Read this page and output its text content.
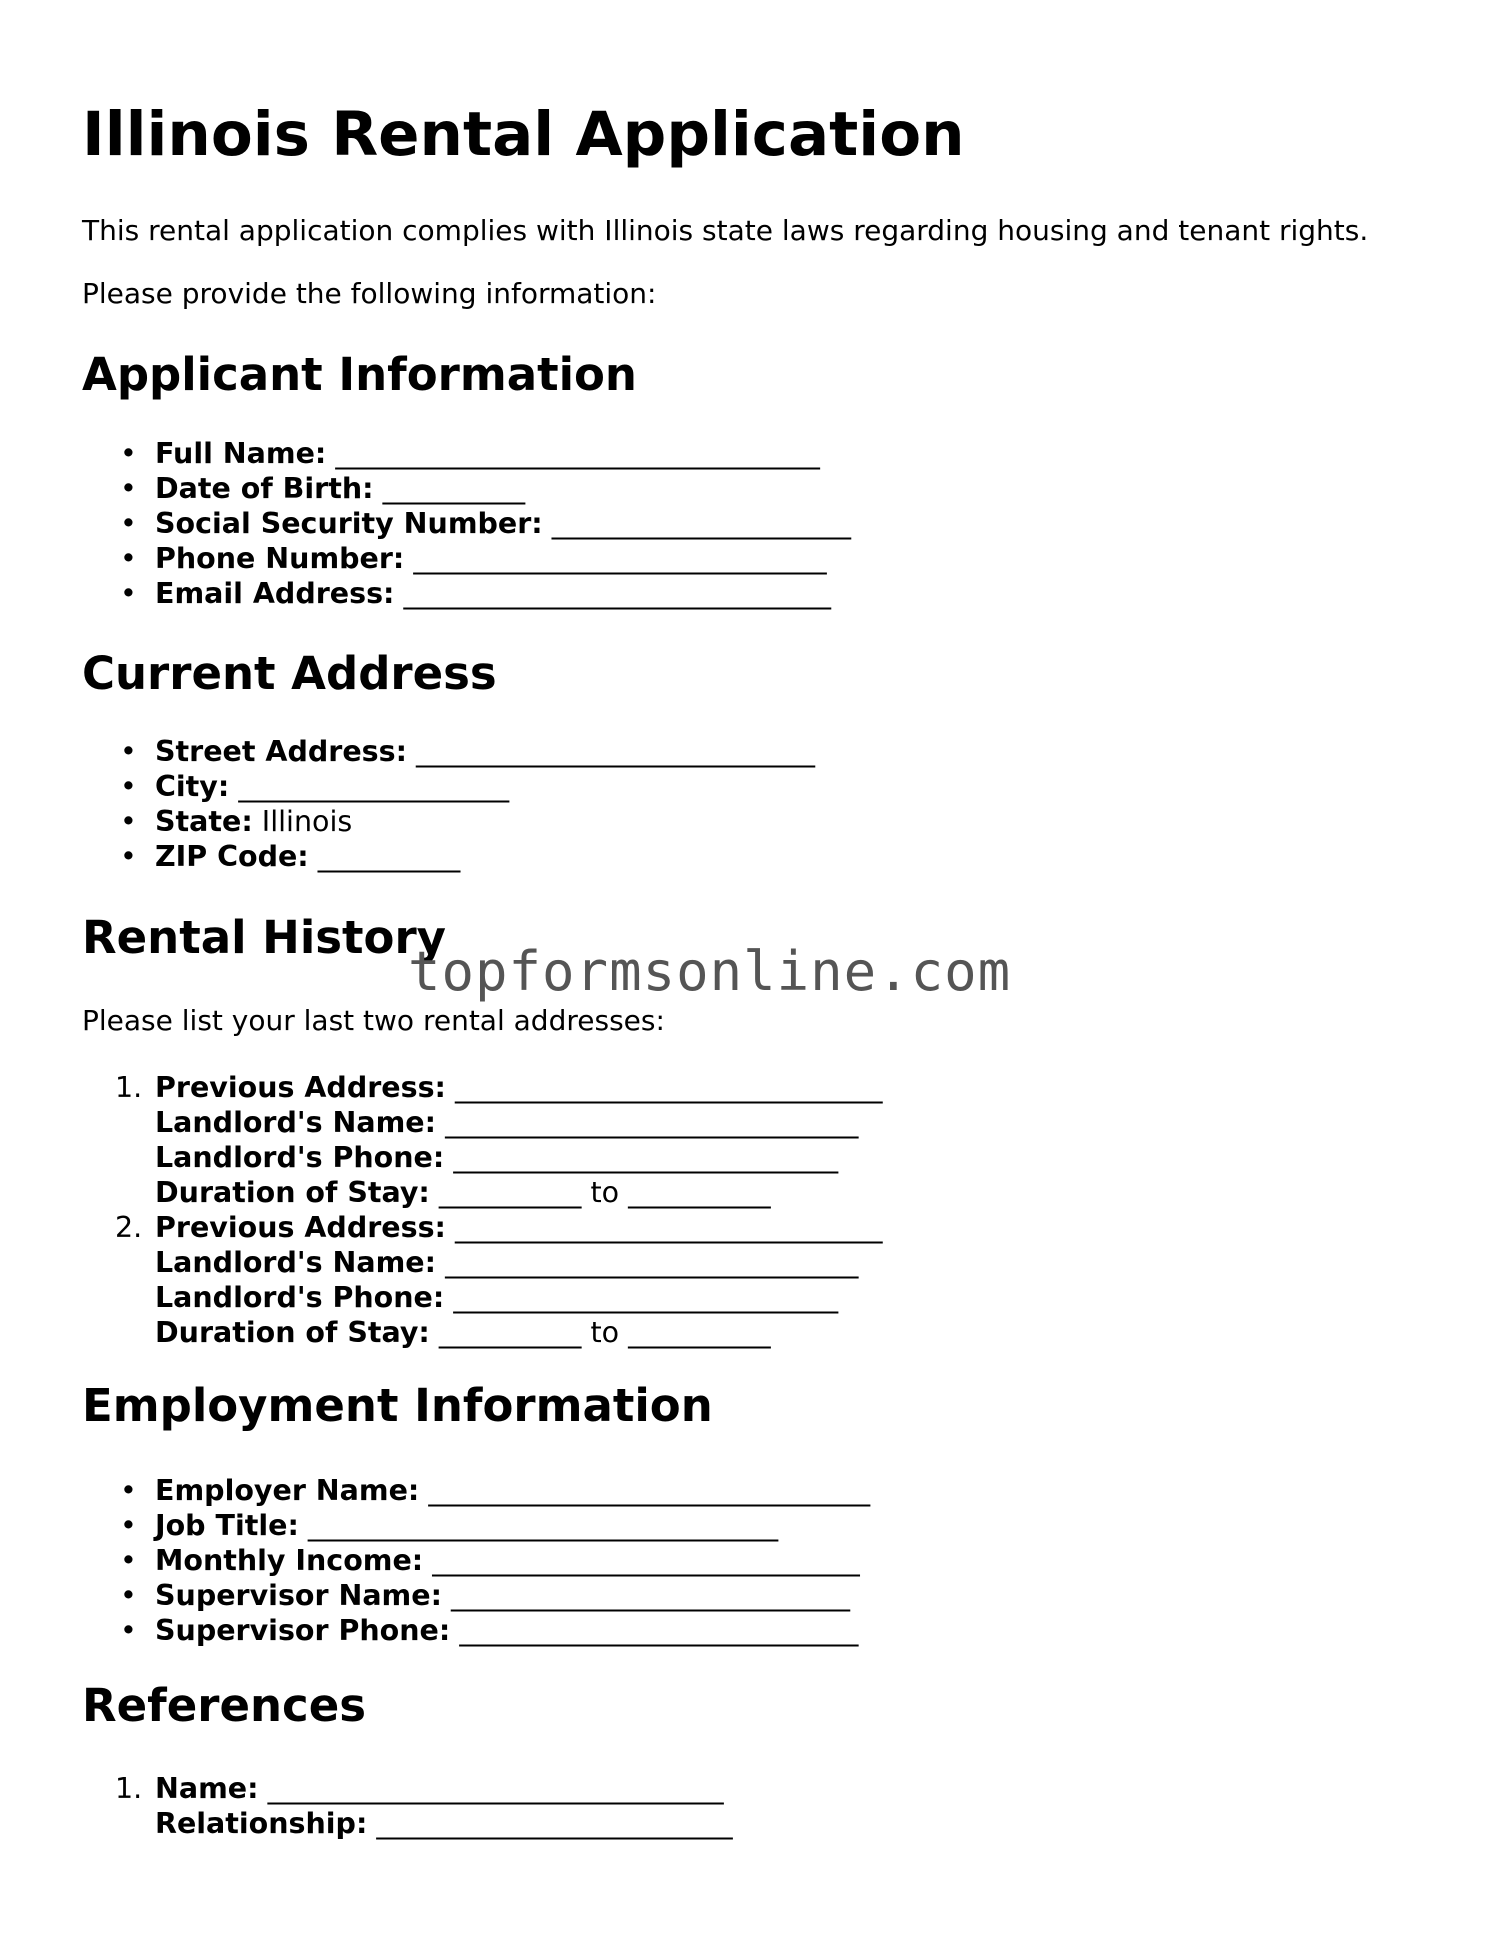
Illinois Rental Application

This rental application complies with Illinois state laws regarding housing and tenant rights.

Please provide the following information:

Applicant Information
• Full Name: __________________________________
• Date of Birth: __________
• Social Security Number: _____________________
• Phone Number: _____________________________
• Email Address: ______________________________
Current Address
• Street Address: ____________________________
• City: ___________________
• State: Illinois
• ZIP Code: __________
Rental History

Please list your last two rental addresses:

1. Previous Address: ______________________________
Landlord's Name: _____________________________
Landlord's Phone: ___________________________
Duration of Stay: __________ to __________
2. Previous Address: ______________________________
Landlord's Name: _____________________________
Landlord's Phone: ___________________________
Duration of Stay: __________ to __________
Employment Information
• Employer Name: _______________________________
• Job Title: _________________________________
• Monthly Income: ______________________________
• Supervisor Name: ____________________________
• Supervisor Phone: ____________________________
References
1. Name: ________________________________
Relationship: _________________________
topformsonline.com
